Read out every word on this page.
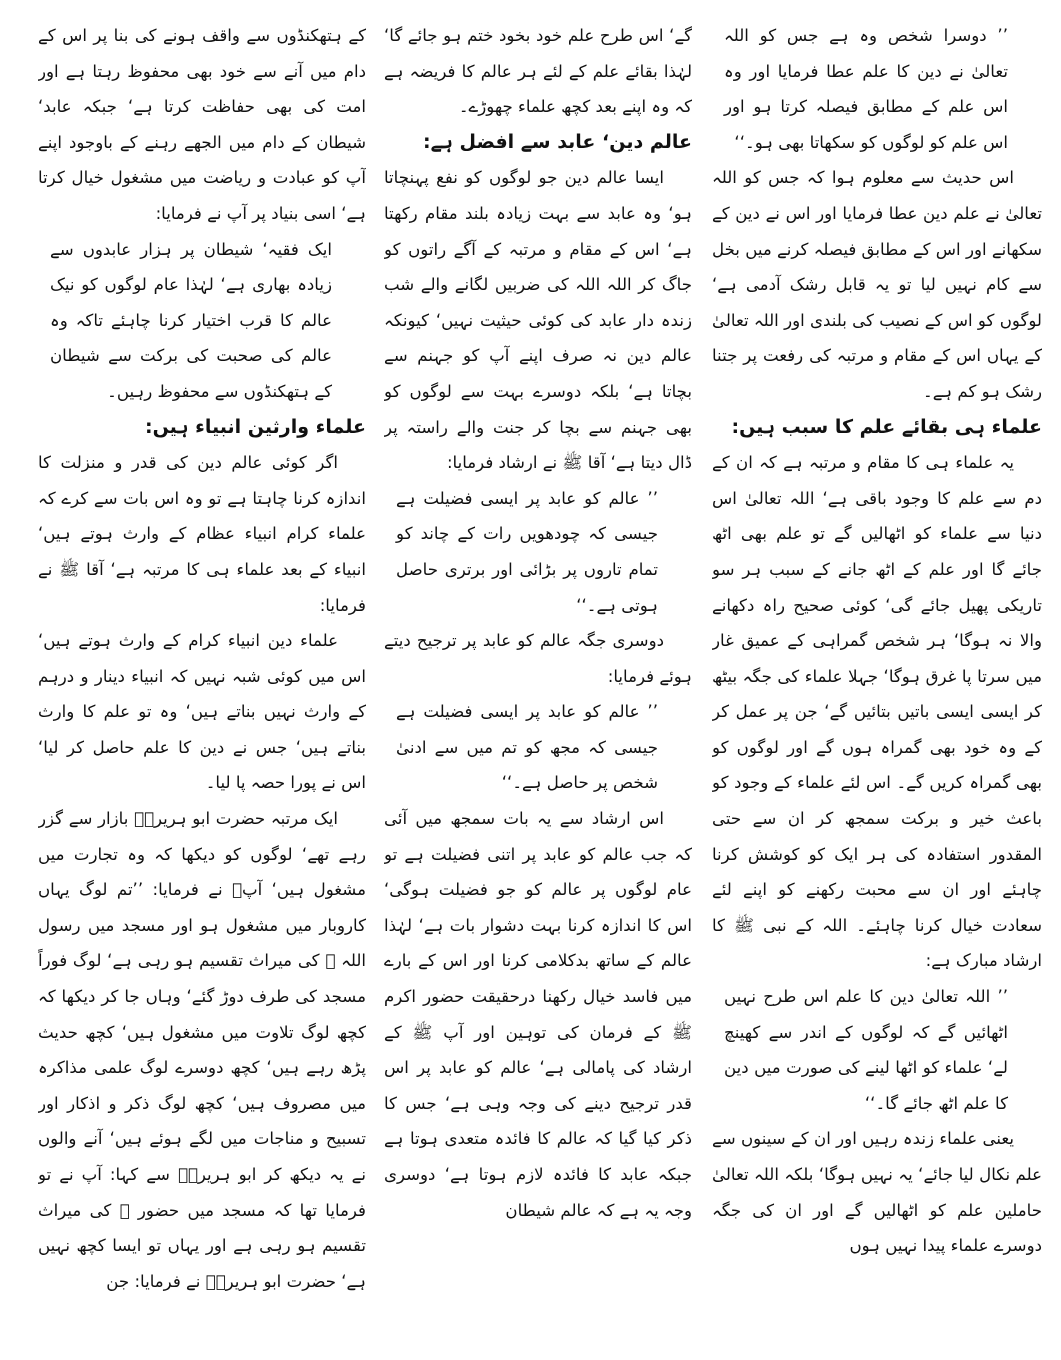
’’ دوسرا شخص وہ ہے جس کو اللہ تعالیٰ نے دین کا علم عطا فرمایا اور وہ اس علم کے مطابق فیصلہ کرتا ہو اور اس علم کو لوگوں کو سکھاتا بھی ہو۔‘‘

اس حدیث سے معلوم ہوا کہ جس کو اللہ تعالیٰ نے علم دین عطا فرمایا اور اس نے دین کے سکھانے اور اس کے مطابق فیصلہ کرنے میں بخل سے کام نہیں لیا تو یہ قابل رشک آدمی ہے‘ لوگوں کو اس کے نصیب کی بلندی اور اللہ تعالیٰ کے یہاں اس کے مقام و مرتبہ کی رفعت پر جتنا رشک ہو کم ہے۔

علماء ہی بقائے علم کا سبب ہیں:

یہ علماء ہی کا مقام و مرتبہ ہے کہ ان کے دم سے علم کا وجود باقی ہے‘ اللہ تعالیٰ اس دنیا سے علماء کو اٹھالیں گے تو علم بھی اٹھ جائے گا اور علم کے اٹھ جانے کے سبب ہر سو تاریکی پھیل جائے گی‘ کوئی صحیح راہ دکھانے والا نہ ہوگا‘ ہر شخص گمراہی کے عمیق غار میں سرتا پا غرق ہوگا‘ جہلا علماء کی جگہ بیٹھ کر ایسی ایسی باتیں بتائیں گے‘ جن پر عمل کر کے وہ خود بھی گمراہ ہوں گے اور لوگوں کو بھی گمراہ کریں گے۔ اس لئے علماء کے وجود کو باعث خیر و برکت سمجھ کر ان سے حتی المقدور استفادہ کی ہر ایک کو کوشش کرنا چاہئے اور ان سے محبت رکھنے کو اپنے لئے سعادت خیال کرنا چاہئے۔ اللہ کے نبی ﷺ کا ارشاد مبارک ہے:

’’ اللہ تعالیٰ دین کا علم اس طرح نہیں اٹھائیں گے کہ لوگوں کے اندر سے کھینچ لے‘ علماء کو اٹھا لینے کی صورت میں دین کا علم اٹھ جائے گا۔‘‘

یعنی علماء زندہ رہیں اور ان کے سینوں سے علم نکال لیا جائے‘ یہ نہیں ہوگا‘ بلکہ اللہ تعالیٰ حاملین علم کو اٹھالیں گے اور ان کی جگہ دوسرے علماء پیدا نہیں ہوں

گے‘ اس طرح علم خود بخود ختم ہو جائے گا‘ لہٰذا بقائے علم کے لئے ہر عالم کا فریضہ ہے کہ وہ اپنے بعد کچھ علماء چھوڑے۔

عالم دین‘ عابد سے افضل ہے:

ایسا عالم دین جو لوگوں کو نفع پہنچاتا ہو‘ وہ عابد سے بہت زیادہ بلند مقام رکھتا ہے‘ اس کے مقام و مرتبہ کے آگے راتوں کو جاگ کر اللہ اللہ کی ضربیں لگانے والے شب زندہ دار عابد کی کوئی حیثیت نہیں‘ کیونکہ عالم دین نہ صرف اپنے آپ کو جہنم سے بچاتا ہے‘ بلکہ دوسرے بہت سے لوگوں کو بھی جہنم سے بچا کر جنت والے راستہ پر ڈال دیتا ہے‘ آقا ﷺ نے ارشاد فرمایا:

’’ عالم کو عابد پر ایسی فضیلت ہے جیسی کہ چودھویں رات کے چاند کو تمام تاروں پر بڑائی اور برتری حاصل ہوتی ہے۔‘‘

دوسری جگہ عالم کو عابد پر ترجیح دیتے ہوئے فرمایا:

’’ عالم کو عابد پر ایسی فضیلت ہے جیسی کہ مجھ کو تم میں سے ادنیٰ شخص پر حاصل ہے۔‘‘

اس ارشاد سے یہ بات سمجھ میں آئی کہ جب عالم کو عابد پر اتنی فضیلت ہے تو عام لوگوں پر عالم کو جو فضیلت ہوگی‘ اس کا اندازہ کرنا بہت دشوار بات ہے‘ لہٰذا عالم کے ساتھ بدکلامی کرنا اور اس کے بارے میں فاسد خیال رکھنا درحقیقت حضور اکرم ﷺ کے فرمان کی توہین اور آپ ﷺ کے ارشاد کی پامالی ہے‘ عالم کو عابد پر اس قدر ترجیح دینے کی وجہ وہی ہے‘ جس کا ذکر کیا گیا کہ عالم کا فائدہ متعدی ہوتا ہے جبکہ عابد کا فائدہ لازم ہوتا ہے‘ دوسری وجہ یہ ہے کہ عالم شیطان

کے ہتھکنڈوں سے واقف ہونے کی بنا پر اس کے دام میں آنے سے خود بھی محفوظ رہتا ہے اور امت کی بھی حفاظت کرتا ہے‘ جبکہ عابد‘ شیطان کے دام میں الجھے رہنے کے باوجود اپنے آپ کو عبادت و ریاضت میں مشغول خیال کرتا ہے‘ اسی بنیاد پر آپ نے فرمایا:

ایک فقیہ‘ شیطان پر ہزار عابدوں سے زیادہ بھاری ہے‘ لہٰذا عام لوگوں کو نیک عالم کا قرب اختیار کرنا چاہئے تاکہ وہ عالم کی صحبت کی برکت سے شیطان کے ہتھکنڈوں سے محفوظ رہیں۔

علماء وارثین انبیاء ہیں:

اگر کوئی عالم دین کی قدر و منزلت کا اندازہ کرنا چاہتا ہے تو وہ اس بات سے کرے کہ علماء کرام انبیاء عظام کے وارث ہوتے ہیں‘ انبیاء کے بعد علماء ہی کا مرتبہ ہے‘ آقا ﷺ نے فرمایا:

علماء دین انبیاء کرام کے وارث ہوتے ہیں‘ اس میں کوئی شبہ نہیں کہ انبیاء دینار و درہم کے وارث نہیں بناتے ہیں‘ وہ تو علم کا وارث بناتے ہیں‘ جس نے دین کا علم حاصل کر لیا‘ اس نے پورا حصہ پا لیا۔

ایک مرتبہ حضرت ابو ہریرہؓ بازار سے گزر رہے تھے‘ لوگوں کو دیکھا کہ وہ تجارت میں مشغول ہیں‘ آپؓ نے فرمایا: ’’تم لوگ یہاں کاروبار میں مشغول ہو اور مسجد میں رسول اللہ ﷺ کی میراث تقسیم ہو رہی ہے‘ لوگ فوراً مسجد کی طرف دوڑ گئے‘ وہاں جا کر دیکھا کہ کچھ لوگ تلاوت میں مشغول ہیں‘ کچھ حدیث پڑھ رہے ہیں‘ کچھ دوسرے لوگ علمی مذاکرہ میں مصروف ہیں‘ کچھ لوگ ذکر و اذکار اور تسبیح و مناجات میں لگے ہوئے ہیں‘ آنے والوں نے یہ دیکھ کر ابو ہریرہؓ سے کہا: آپ نے تو فرمایا تھا کہ مسجد میں حضور ﷺ کی میراث تقسیم ہو رہی ہے اور یہاں تو ایسا کچھ نہیں ہے‘ حضرت ابو ہریرہؓ نے فرمایا: جن
